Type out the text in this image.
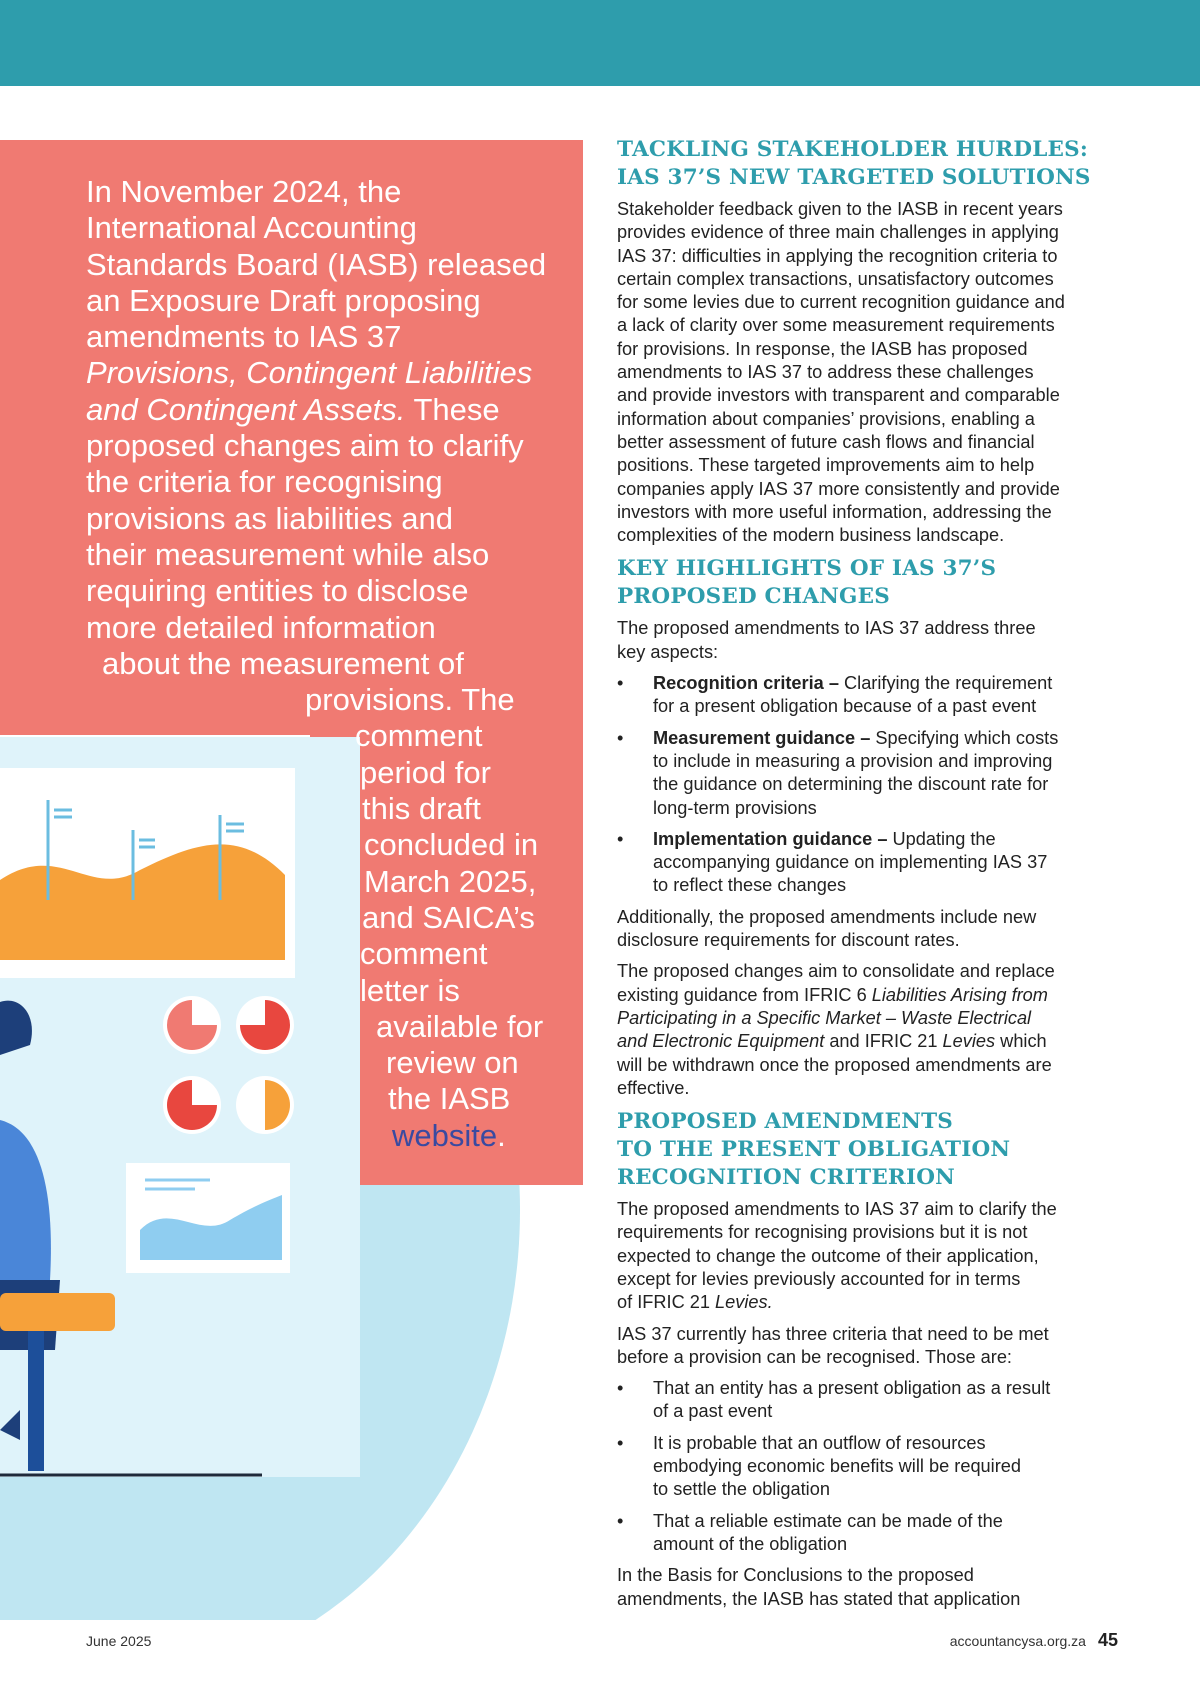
In November 2024, the
International Accounting
Standards Board (IASB) released
an Exposure Draft proposing
amendments to IAS 37
Provisions, Contingent Liabilities
and Contingent Assets. These
proposed changes aim to clarify
the criteria for recognising
provisions as liabilities and
their measurement while also
requiring entities to disclose
more detailed information
about the measurement of
provisions. The
comment
period for
this draft
concluded in
March 2025,
and SAICA’s
comment
letter is
available for
review on
the IASB
website.
TACKLING STAKEHOLDER HURDLES:
IAS 37’S NEW TARGETED SOLUTIONS

Stakeholder feedback given to the IASB in recent years
provides evidence of three main challenges in applying
IAS 37: difficulties in applying the recognition criteria to
certain complex transactions, unsatisfactory outcomes
for some levies due to current recognition guidance and
a lack of clarity over some measurement requirements
for provisions. In response, the IASB has proposed
amendments to IAS 37 to address these challenges
and provide investors with transparent and comparable
information about companies’ provisions, enabling a
better assessment of future cash flows and financial
positions. These targeted improvements aim to help
companies apply IAS 37 more consistently and provide
investors with more useful information, addressing the
complexities of the modern business landscape.

KEY HIGHLIGHTS OF IAS 37’S
PROPOSED CHANGES

The proposed amendments to IAS 37 address three
key aspects:

• Recognition criteria – Clarifying the requirement
for a present obligation because of a past event
• Measurement guidance – Specifying which costs
to include in measuring a provision and improving
the guidance on determining the discount rate for
long-term provisions
• Implementation guidance – Updating the
accompanying guidance on implementing IAS 37
to reflect these changes

Additionally, the proposed amendments include new
disclosure requirements for discount rates.

The proposed changes aim to consolidate and replace
existing guidance from IFRIC 6 Liabilities Arising from
Participating in a Specific Market – Waste Electrical
and Electronic Equipment and IFRIC 21 Levies which
will be withdrawn once the proposed amendments are
effective.

PROPOSED AMENDMENTS
TO THE PRESENT OBLIGATION
RECOGNITION CRITERION

The proposed amendments to IAS 37 aim to clarify the
requirements for recognising provisions but it is not
expected to change the outcome of their application,
except for levies previously accounted for in terms
of IFRIC 21 Levies.

IAS 37 currently has three criteria that need to be met
before a provision can be recognised. Those are:

• That an entity has a present obligation as a result
of a past event
• It is probable that an outflow of resources
embodying economic benefits will be required
to settle the obligation
• That a reliable estimate can be made of the
amount of the obligation

In the Basis for Conclusions to the proposed
amendments, the IASB has stated that application

June 2025	accountancysa.org.za 45
